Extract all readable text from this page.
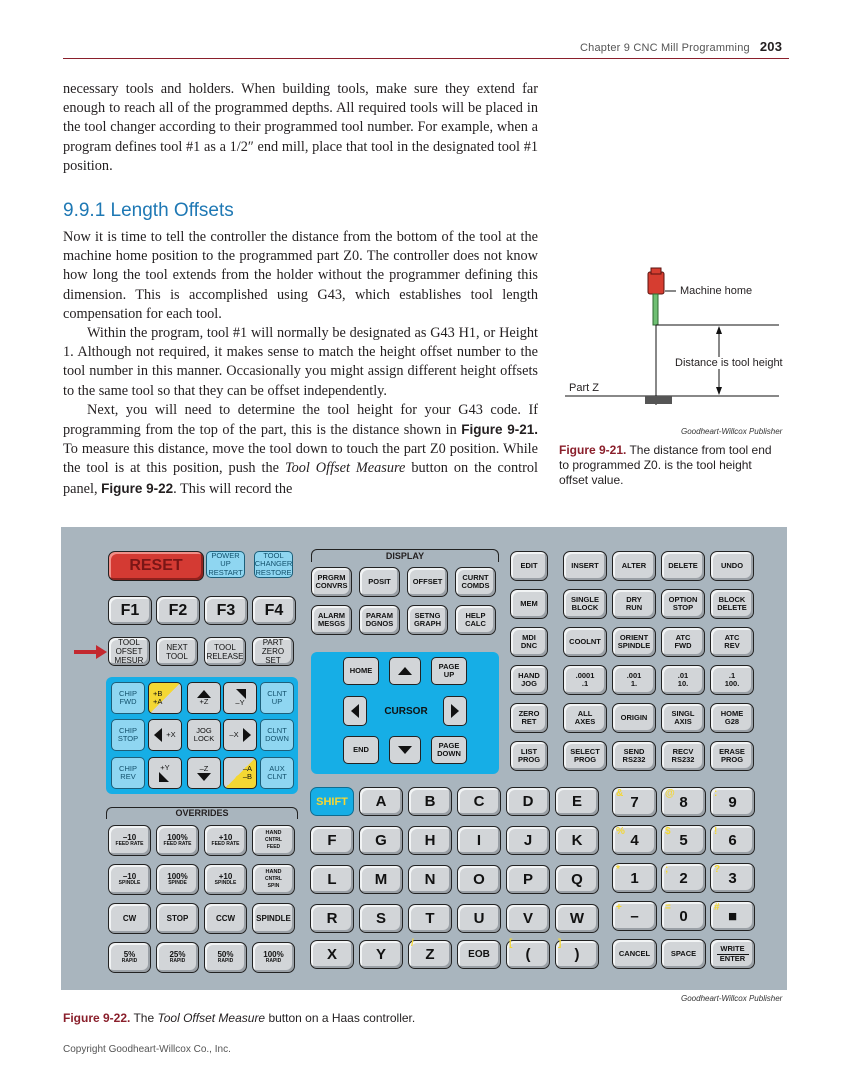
Chapter 9 CNC Mill Programming 203

necessary tools and holders. When building tools, make sure they extend far enough to reach all of the programmed depths. All required tools will be placed in the tool changer according to their programmed tool number. For example, when a program defines tool #1 as a 1/2″ end mill, place that tool in the designated tool #1 position.

9.9.1 Length Offsets

Now it is time to tell the controller the distance from the bottom of the tool at the machine home position to the programmed part Z0. The controller does not know how long the tool extends from the holder without the programmer defining this dimension. This is accomplished using G43, which establishes tool length compensation for each tool.

Within the program, tool #1 will normally be designated as G43 H1, or Height 1. Although not required, it makes sense to match the height offset number to the tool number in this manner. Occasionally you might assign different height offsets to the same tool so that they can be offset independently.

Next, you will need to determine the tool height for your G43 code. If programming from the top of the part, this is the distance shown in Figure 9-21. To measure this distance, move the tool down to touch the part Z0 position. While the tool is at this position, push the Tool Offset Measure button on the control panel, Figure 9-22. This will record the

Machine home
Distance is tool height
Part Z
Goodheart-Willcox Publisher
Figure 9-21. The distance from tool end to programmed Z0. is the tool height offset value.
RESET
POWER
UP
RESTART
TOOL
CHANGER
RESTORE
DISPLAY
HOME	PAGE
UP
CURSOR
END	PAGE
DOWN
OVERRIDES
CANCEL	SPACE
WRITE
ENTER
Goodheart-Willcox Publisher
Figure 9-22. The Tool Offset Measure button on a Haas controller.
Copyright Goodheart-Willcox Co., Inc.
PRGRM
CONVRS	POSIT	OFFSET	CURNT
COMDS
ALARM
MESGS
PARAM
DGNOS
SETNG
GRAPH
HELP
CALC
F1 F2 F3 F4
TOOL
OFSET
MESUR
NEXT
TOOL
TOOL
RELEASE
PART
ZERO
SET
CHIP
FWD
+B
+A	+Z	–Y
CLNT
UP
CHIP
STOP	+X	JOG
LOCK –X	CLNT
DOWN
CHIP
REV
+Y	–Z	–A
–B
AUX
CLNT
–10
FEED RATE
100%
FEED RATE
+10
FEED RATE
HAND
CNTRL
FEED
–10
SPINDLE
100%
SPINDE
+10
SPINDLE
HAND
CNTRL
SPIN
CW	STOP	CCW	SPINDLE
5%
RAPID
25%
RAPID
50%
RAPID
100%
RAPID
EDIT
MEM
MDI
DNC
HAND
JOG
ZERO
RET
LIST
PROG
INSERT	ALTER	DELETE	UNDO
SINGLE
BLOCK
DRY
RUN
OPTION
STOP
BLOCK
DELETE
COOLNT	ORIENT
SPINDLE
ATC
FWD
ATC
REV
.0001
.1
.001
1.
.01
10.
.1
100.
ALL
AXES	ORIGIN	SINGL
AXIS
HOME
G28
SELECT
PROG
SEND
RS232
RECV
RS232
ERASE
PROG
SHIFT A	B	C	D	E
F	G	H	I	J	K
L	M N	O	P	Q
R	S	T	U	V W
X	Y	Z	EOB (	)
/	[	]
7
&	8
@	9
:
4
%	5
$	6
!
1
*	2
;	3
?
–
+	0
=	■
#
